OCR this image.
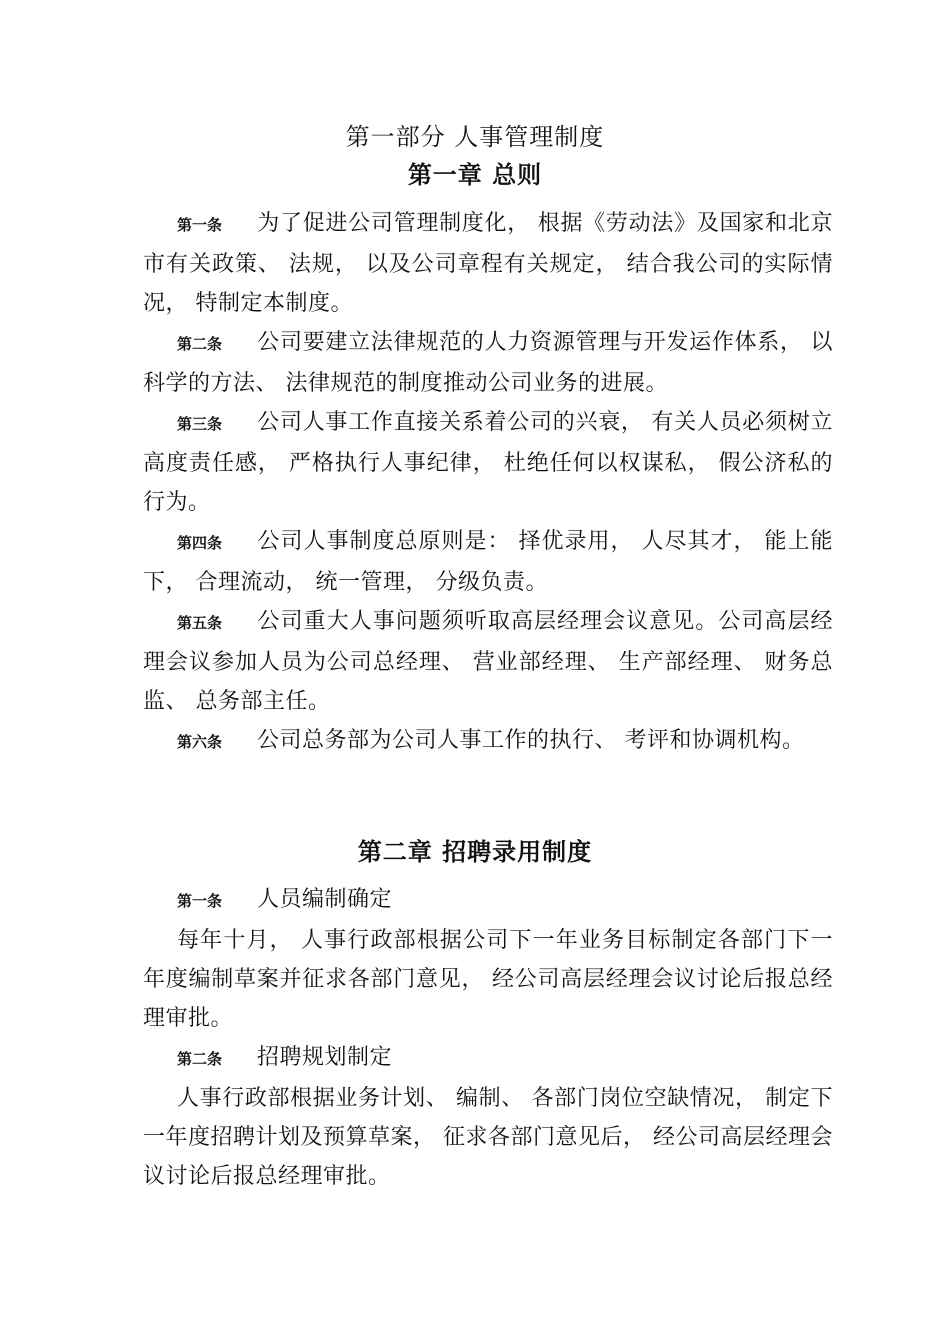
第一部分 人事管理制度
第一章 总则

第一条 为了促进公司管理制度化， 根据《劳动法》及国家和北京市有关政策、 法规， 以及公司章程有关规定， 结合我公司的实际情况， 特制定本制度。

第二条 公司要建立法律规范的人力资源管理与开发运作体系， 以科学的方法、 法律规范的制度推动公司业务的进展。

第三条 公司人事工作直接关系着公司的兴衰， 有关人员必须树立高度责任感， 严格执行人事纪律， 杜绝任何以权谋私， 假公济私的行为。

第四条 公司人事制度总原则是： 择优录用， 人尽其才， 能上能下， 合理流动， 统一管理， 分级负责。

第五条 公司重大人事问题须听取高层经理会议意见。公司高层经理会议参加人员为公司总经理、 营业部经理、 生产部经理、 财务总监、 总务部主任。

第六条 公司总务部为公司人事工作的执行、 考评和协调机构。

第二章 招聘录用制度

第一条 人员编制确定

每年十月， 人事行政部根据公司下一年业务目标制定各部门下一年度编制草案并征求各部门意见， 经公司高层经理会议讨论后报总经理审批。

第二条 招聘规划制定

人事行政部根据业务计划、 编制、 各部门岗位空缺情况， 制定下一年度招聘计划及预算草案， 征求各部门意见后， 经公司高层经理会议讨论后报总经理审批。
